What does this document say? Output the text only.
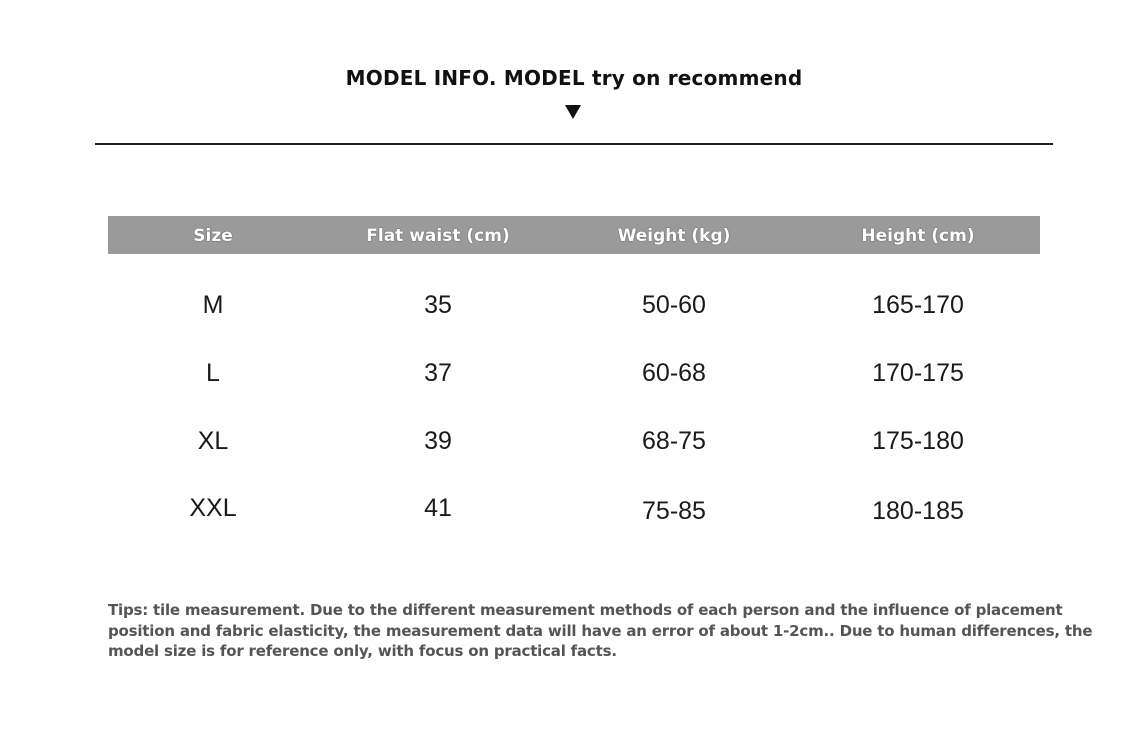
MODEL INFO. MODEL try on recommend
Size	Flat waist (cm)	Weight (kg)	Height (cm)
M	35	50-60	165-170
L	37	60-68	170-175
XL	39	68-75	175-180
XXL	41	75-85	180-185
Tips: tile measurement. Due to the different measurement methods of each person and the influence of placement position and fabric elasticity, the measurement data will have an error of about 1-2cm.. Due to human differences, the model size is for reference only, with focus on practical facts.
